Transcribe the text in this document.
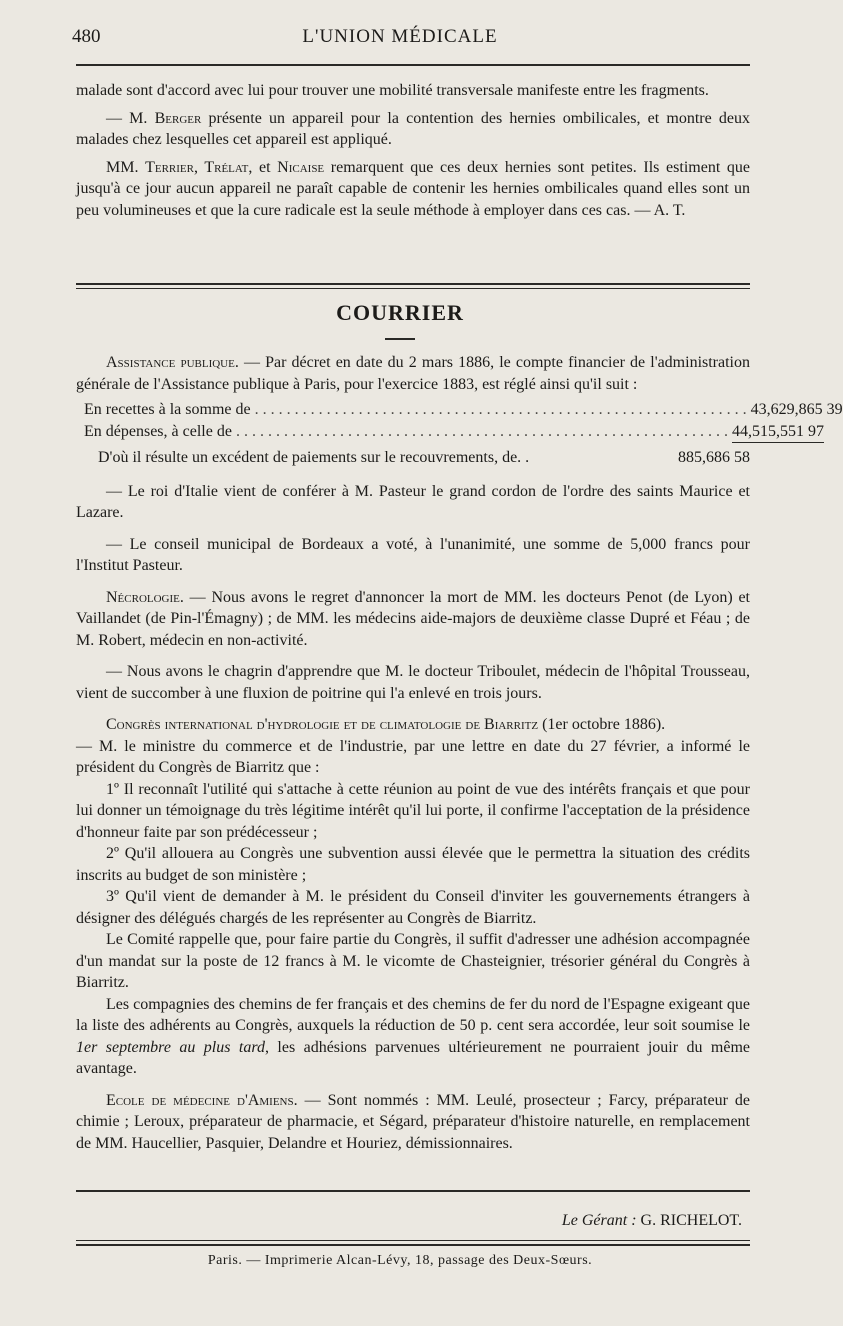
480	L'UNION MÉDICALE

malade sont d'accord avec lui pour trouver une mobilité transversale manifeste entre les fragments.

— M. Berger présente un appareil pour la contention des hernies ombilicales, et montre deux malades chez lesquelles cet appareil est appliqué.

MM. Terrier, Trélat, et Nicaise remarquent que ces deux hernies sont petites. Ils estiment que jusqu'à ce jour aucun appareil ne paraît capable de contenir les hernies ombilicales quand elles sont un peu volumineuses et que la cure radicale est la seule méthode à employer dans ces cas. — A. T.

COURRIER

Assistance publique. — Par décret en date du 2 mars 1886, le compte financier de l'administration générale de l'Assistance publique à Paris, pour l'exercice 1883, est réglé ainsi qu'il suit :

En recettes à la somme de . . . . . . . . . . . . . . . . . . . . . . . . . . . . . . . . . . . . . . . . . . . . . . . . . . . . . . . . . . . . . . 43,629,865 39
En dépenses, à celle de . . . . . . . . . . . . . . . . . . . . . . . . . . . . . . . . . . . . . . . . . . . . . . . . . . . . . . . . . . . . . . 44,515,551 97
D'où il résulte un excédent de paiements sur le recouvrements, de. .	885,686 58

— Le roi d'Italie vient de conférer à M. Pasteur le grand cordon de l'ordre des saints Maurice et Lazare.

— Le conseil municipal de Bordeaux a voté, à l'unanimité, une somme de 5,000 francs pour l'Institut Pasteur.

Nécrologie. — Nous avons le regret d'annoncer la mort de MM. les docteurs Penot (de Lyon) et Vaillandet (de Pin-l'Émagny) ; de MM. les médecins aide-majors de deuxième classe Dupré et Féau ; de M. Robert, médecin en non-activité.

— Nous avons le chagrin d'apprendre que M. le docteur Triboulet, médecin de l'hôpital Trousseau, vient de succomber à une fluxion de poitrine qui l'a enlevé en trois jours.

Congrès international d'hydrologie et de climatologie de Biarritz (1er octobre 1886).

— M. le ministre du commerce et de l'industrie, par une lettre en date du 27 février, a informé le président du Congrès de Biarritz que :

1º Il reconnaît l'utilité qui s'attache à cette réunion au point de vue des intérêts français et que pour lui donner un témoignage du très légitime intérêt qu'il lui porte, il confirme l'acceptation de la présidence d'honneur faite par son prédécesseur ;

2º Qu'il allouera au Congrès une subvention aussi élevée que le permettra la situation des crédits inscrits au budget de son ministère ;

3º Qu'il vient de demander à M. le président du Conseil d'inviter les gouvernements étrangers à désigner des délégués chargés de les représenter au Congrès de Biarritz.

Le Comité rappelle que, pour faire partie du Congrès, il suffit d'adresser une adhésion accompagnée d'un mandat sur la poste de 12 francs à M. le vicomte de Chasteignier, trésorier général du Congrès à Biarritz.

Les compagnies des chemins de fer français et des chemins de fer du nord de l'Espagne exigeant que la liste des adhérents au Congrès, auxquels la réduction de 50 p. cent sera accordée, leur soit soumise le 1er septembre au plus tard, les adhésions parvenues ultérieurement ne pourraient jouir du même avantage.

Ecole de médecine d'Amiens. — Sont nommés : MM. Leulé, prosecteur ; Farcy, préparateur de chimie ; Leroux, préparateur de pharmacie, et Ségard, préparateur d'histoire naturelle, en remplacement de MM. Haucellier, Pasquier, Delandre et Houriez, démissionnaires.

Le Gérant : G. RICHELOT.
Paris. — Imprimerie Alcan-Lévy, 18, passage des Deux-Sœurs.
